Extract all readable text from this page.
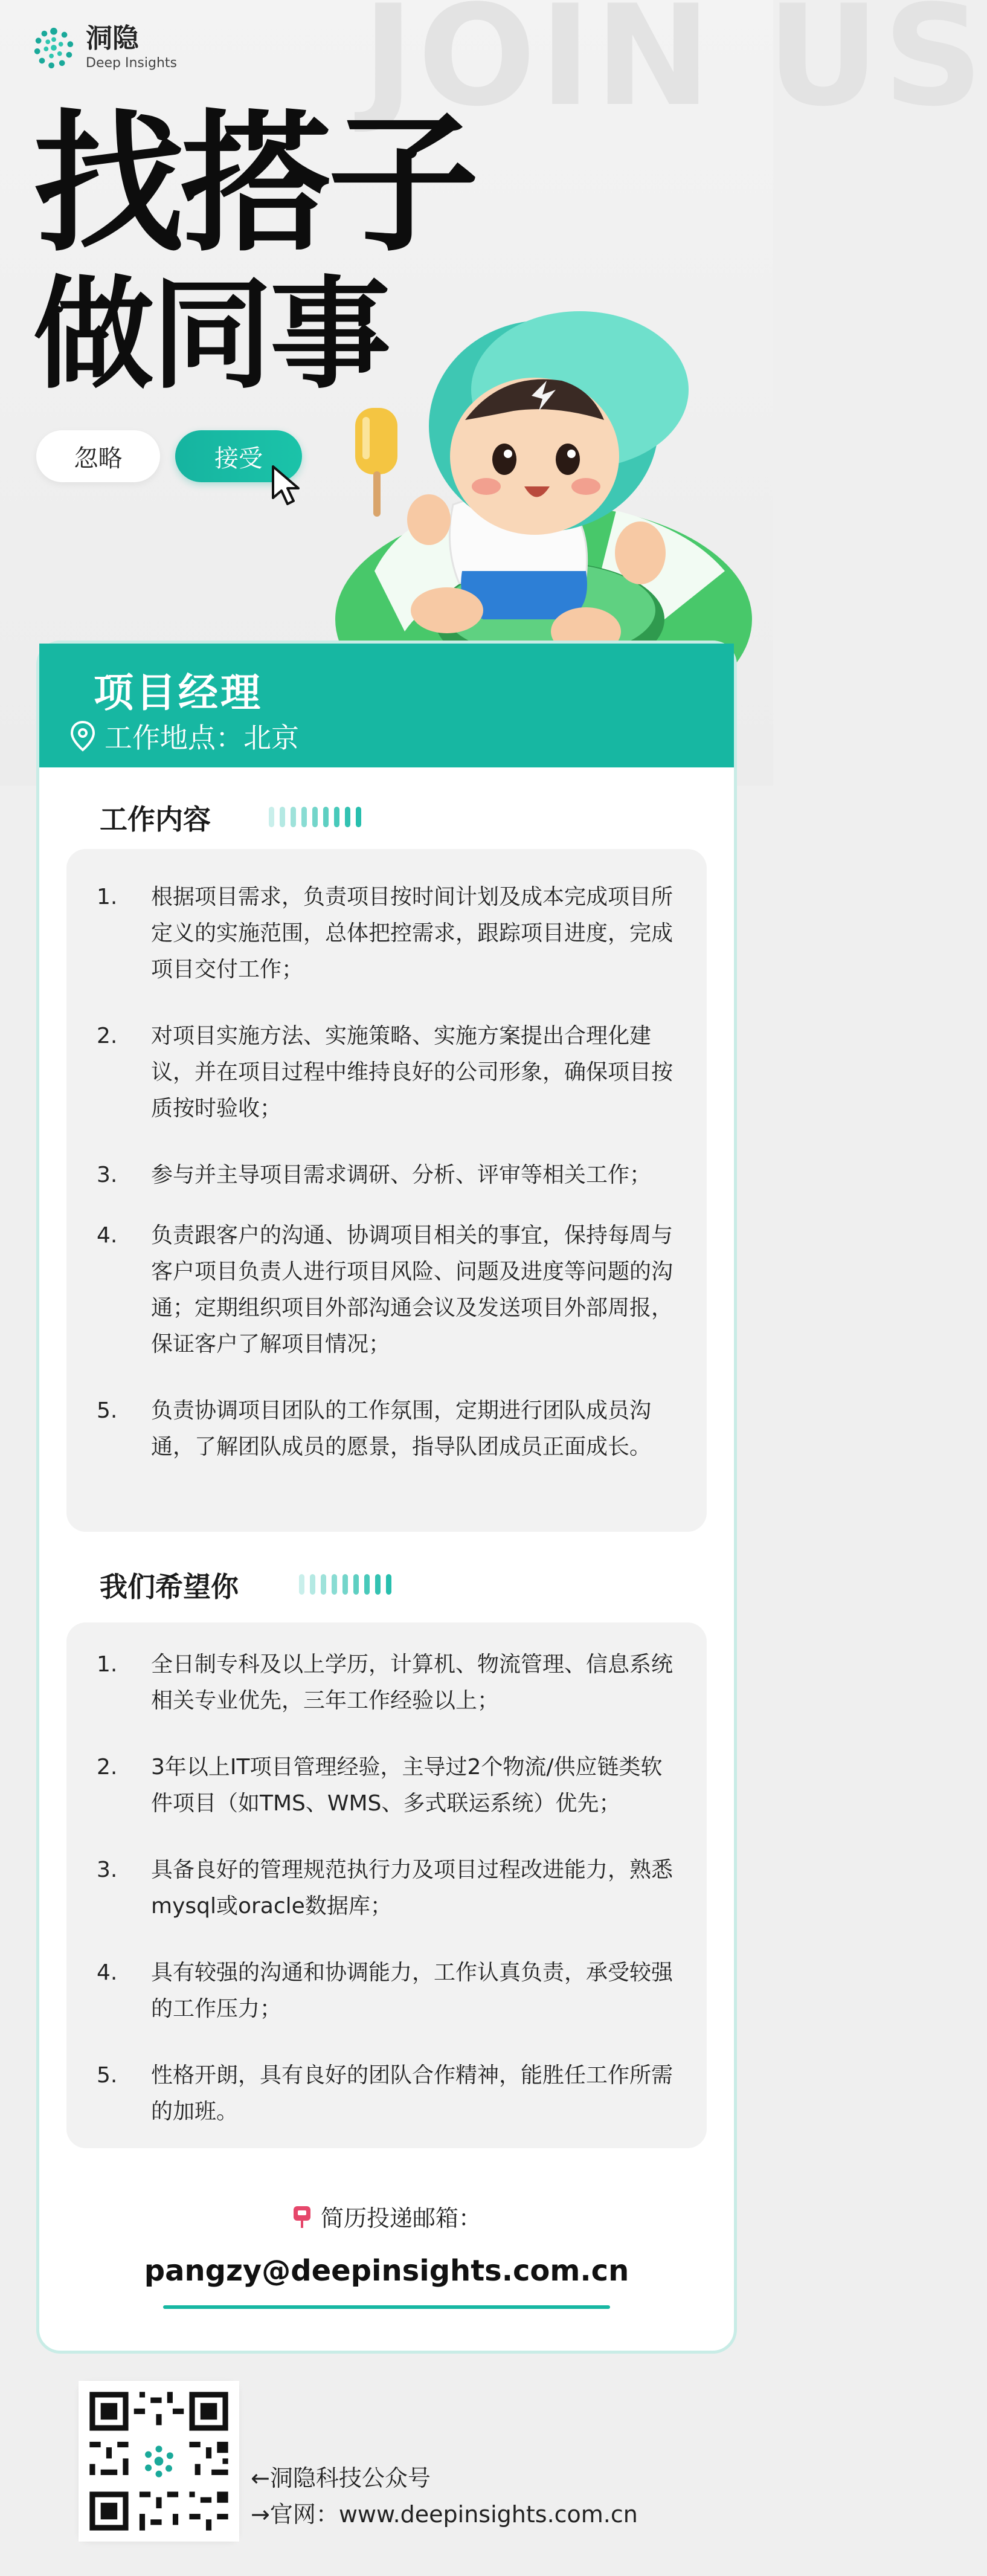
JOIN US
洞隐
Deep Insights
找搭子
做同事
忽略	接受
项目经理
工作地点：北京
工作内容
1.	根据项目需求，负责项目按时间计划及成本完成项目所定义的实施范围，总体把控需求，跟踪项目进度，完成项目交付工作；
2.	对项目实施方法、实施策略、实施方案提出合理化建议，并在项目过程中维持良好的公司形象，确保项目按质按时验收；
3.	参与并主导项目需求调研、分析、评审等相关工作；
4.	负责跟客户的沟通、协调项目相关的事宜，保持每周与客户项目负责人进行项目风险、问题及进度等问题的沟通；定期组织项目外部沟通会议及发送项目外部周报，保证客户了解项目情况；
5.	负责协调项目团队的工作氛围，定期进行团队成员沟通，了解团队成员的愿景，指导队团成员正面成长。
我们希望你
1.	全日制专科及以上学历，计算机、物流管理、信息系统相关专业优先，三年工作经验以上；
2.	3年以上IT项目管理经验，主导过2个物流/供应链类软件项目（如TMS、WMS、多式联运系统）优先；
3.	具备良好的管理规范执行力及项目过程改进能力，熟悉mysql或oracle数据库；
4.	具有较强的沟通和协调能力，工作认真负责，承受较强的工作压力；
5.	性格开朗，具有良好的团队合作精神，能胜任工作所需的加班。
简历投递邮箱：
pangzy@deepinsights.com.cn
←洞隐科技公众号
→官网：www.deepinsights.com.cn
